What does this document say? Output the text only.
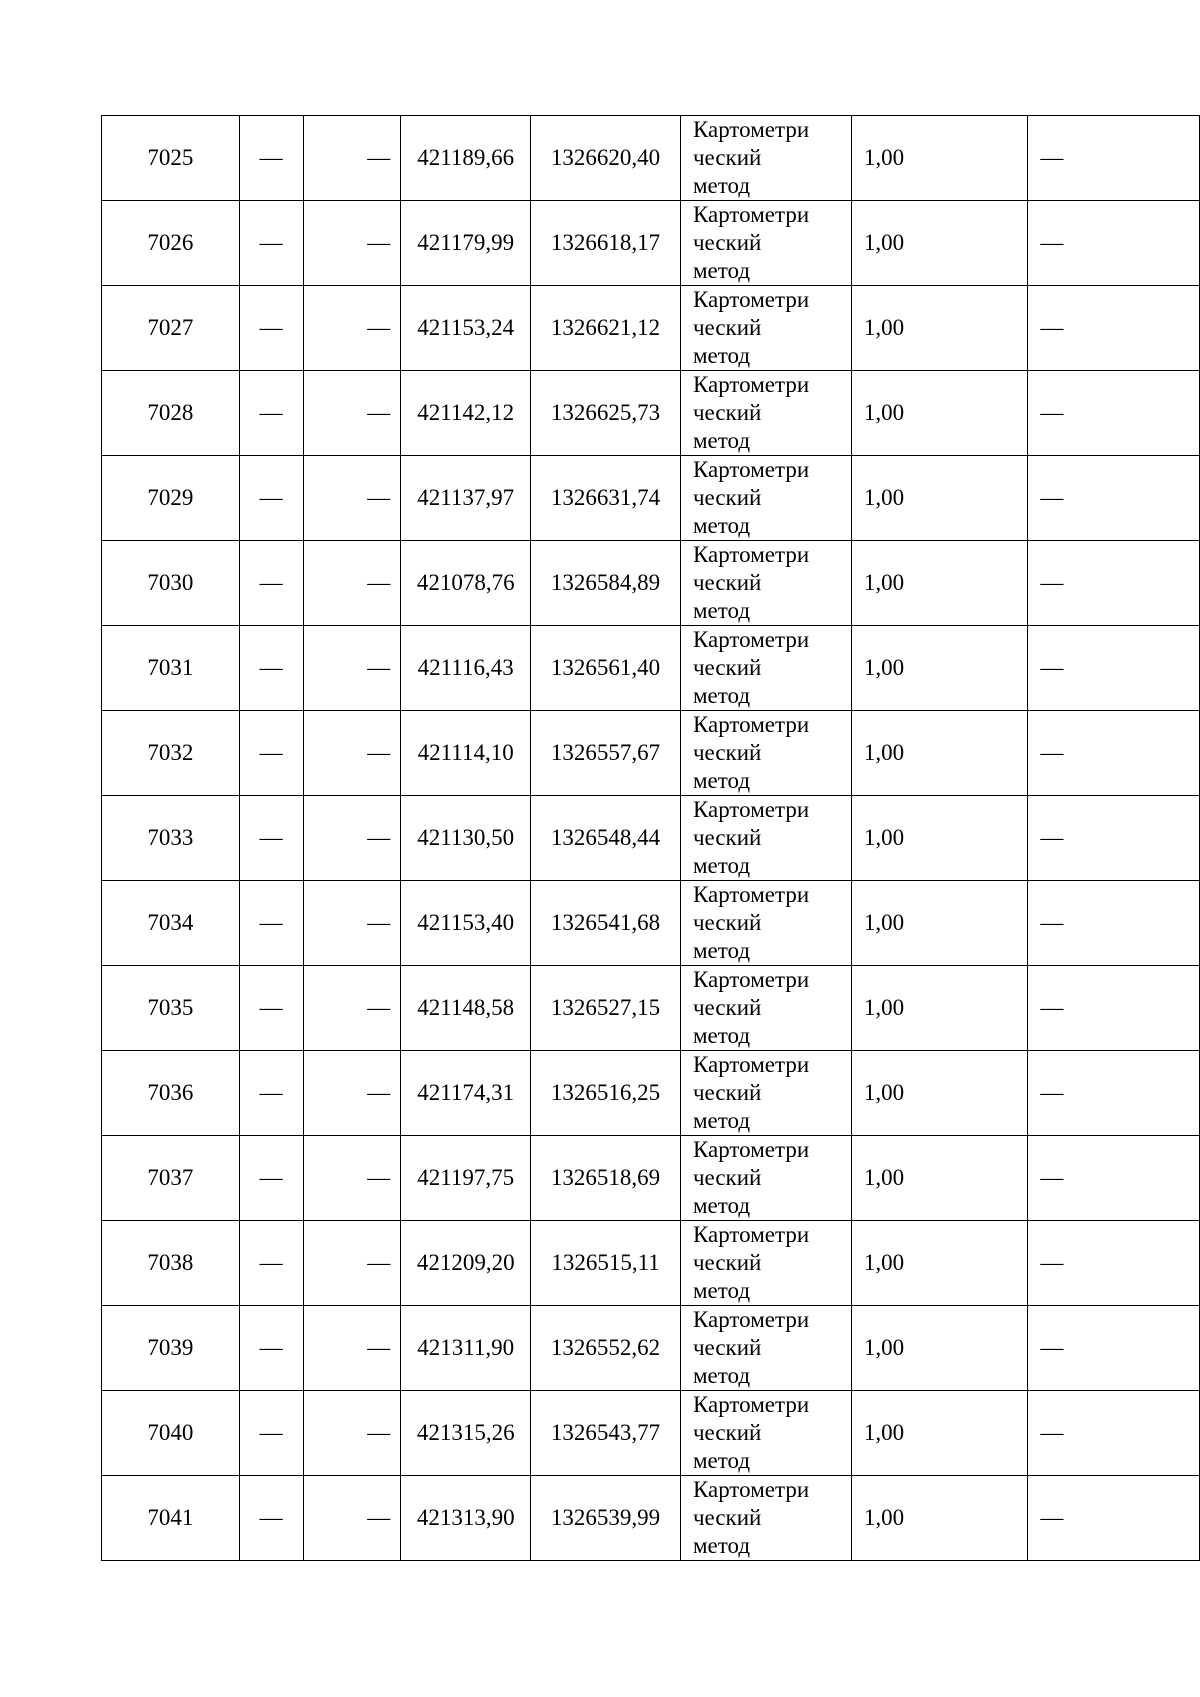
7025	—	—	421189,66	1326620,40	Картометри
ческий
метод	1,00	—
7026	—	—	421179,99	1326618,17	Картометри
ческий
метод	1,00	—
7027	—	—	421153,24	1326621,12	Картометри
ческий
метод	1,00	—
7028	—	—	421142,12	1326625,73	Картометри
ческий
метод	1,00	—
7029	—	—	421137,97	1326631,74	Картометри
ческий
метод	1,00	—
7030	—	—	421078,76	1326584,89	Картометри
ческий
метод	1,00	—
7031	—	—	421116,43	1326561,40	Картометри
ческий
метод	1,00	—
7032	—	—	421114,10	1326557,67	Картометри
ческий
метод	1,00	—
7033	—	—	421130,50	1326548,44	Картометри
ческий
метод	1,00	—
7034	—	—	421153,40	1326541,68	Картометри
ческий
метод	1,00	—
7035	—	—	421148,58	1326527,15	Картометри
ческий
метод	1,00	—
7036	—	—	421174,31	1326516,25	Картометри
ческий
метод	1,00	—
7037	—	—	421197,75	1326518,69	Картометри
ческий
метод	1,00	—
7038	—	—	421209,20	1326515,11	Картометри
ческий
метод	1,00	—
7039	—	—	421311,90	1326552,62	Картометри
ческий
метод	1,00	—
7040	—	—	421315,26	1326543,77	Картометри
ческий
метод	1,00	—
7041	—	—	421313,90	1326539,99	Картометри
ческий
метод	1,00	—
